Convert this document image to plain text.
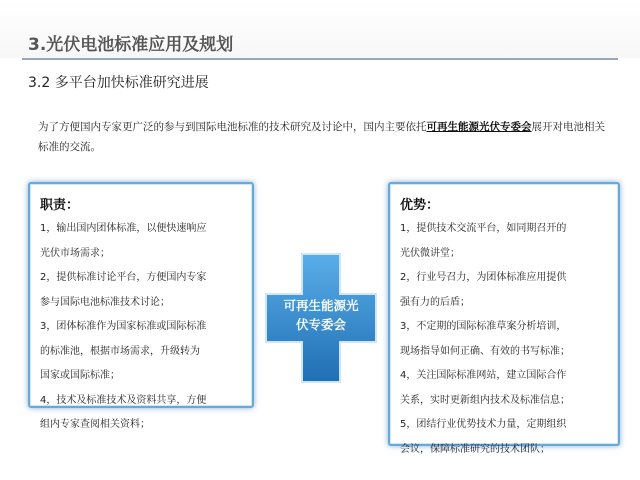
3.光伏电池标准应用及规划
3.2 多平台加快标准研究进展
为了方便国内专家更广泛的参与到国际电池标准的技术研究及讨论中，国内主要依托可再生能源光伏专委会展开对电池相关标准的交流。
职责：
1，输出国内团体标准，以便快速响应
光伏市场需求；
2，提供标准讨论平台，方便国内专家
参与国际电池标准技术讨论；
3，团体标准作为国家标准或国际标准
的标准池，根据市场需求，升级转为
国家或国际标准；
4，技术及标准技术及资料共享，方便
组内专家查阅相关资料；
可再生能源光
伏专委会
优势：
1，提供技术交流平台，如同期召开的
光伏微讲堂；
2，行业号召力，为团体标准应用提供
强有力的后盾；
3，不定期的国际标准草案分析培训，
现场指导如何正确、有效的书写标准；
4，关注国际标准网站，建立国际合作
关系，实时更新组内技术及标准信息；
5，团结行业优势技术力量，定期组织
会议，保障标准研究的技术团队；
